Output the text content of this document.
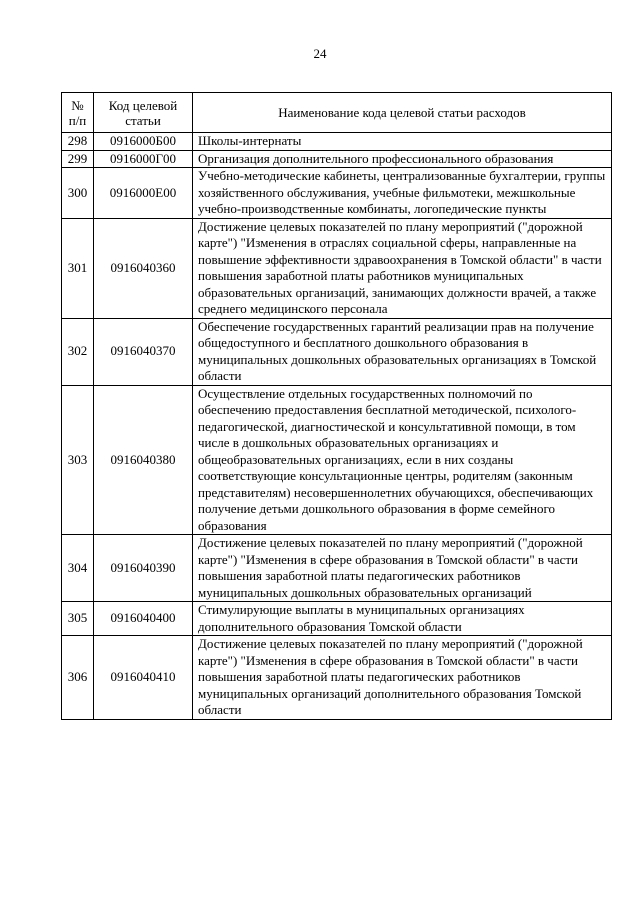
24
№ п/п	Код целевой статьи	Наименование кода целевой статьи расходов
298	0916000Б00	Школы-интернаты
299	0916000Г00	Организация дополнительного профессионального образования
300	0916000Е00	Учебно-методические кабинеты, централизованные бухгалтерии, группы хозяйственного обслуживания, учебные фильмотеки, межшкольные учебно-производственные комбинаты, логопедические пункты
301	0916040360	Достижение целевых показателей по плану мероприятий ("дорожной карте") "Изменения в отраслях социальной сферы, направленные на повышение эффективности здравоохранения в Томской области" в части повышения заработной платы работников муниципальных образовательных организаций, занимающих должности врачей, а также среднего медицинского персонала
302	0916040370	Обеспечение государственных гарантий реализации прав на получение общедоступного и бесплатного дошкольного образования в муниципальных дошкольных образовательных организациях в Томской области
303	0916040380	Осуществление отдельных государственных полномочий по обеспечению предоставления бесплатной методической, психолого-педагогической, диагностической и консультативной помощи, в том числе в дошкольных образовательных организациях и общеобразовательных организациях, если в них созданы соответствующие консультационные центры, родителям (законным представителям) несовершеннолетних обучающихся, обеспечивающих получение детьми дошкольного образования в форме семейного образования
304	0916040390	Достижение целевых показателей по плану мероприятий ("дорожной карте") "Изменения в сфере образования в Томской области" в части повышения заработной платы педагогических работников муниципальных дошкольных образовательных организаций
305	0916040400	Стимулирующие выплаты в муниципальных организациях дополнительного образования Томской области
306	0916040410	Достижение целевых показателей по плану мероприятий ("дорожной карте") "Изменения в сфере образования в Томской области" в части повышения заработной платы педагогических работников муниципальных организаций дополнительного образования Томской области
